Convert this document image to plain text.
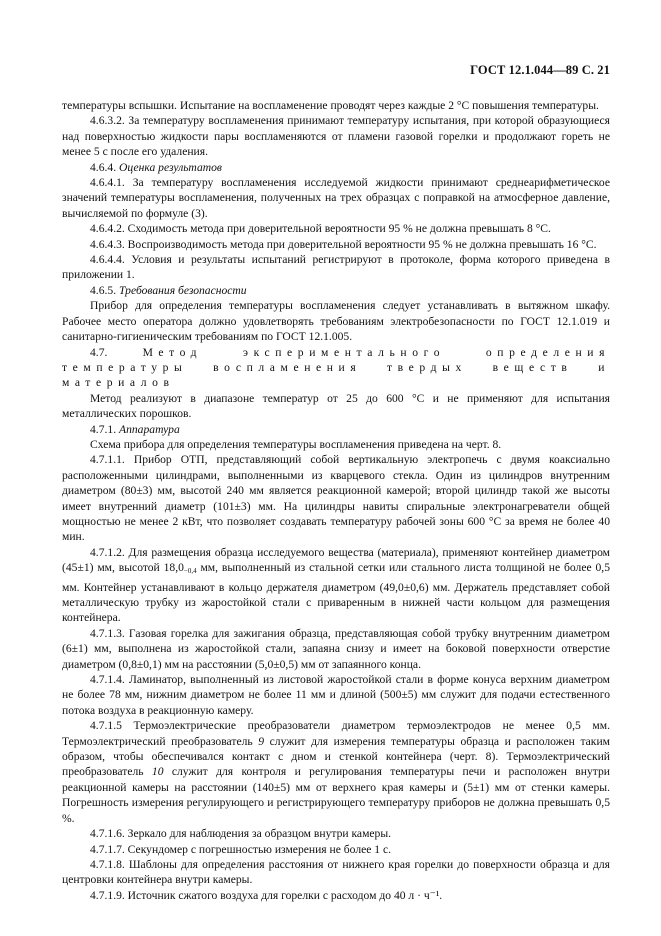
ГОСТ 12.1.044—89 С. 21

температуры вспышки. Испытание на воспламенение проводят через каждые 2 °С повышения температуры.

4.6.3.2. За температуру воспламенения принимают температуру испытания, при которой образующиеся над поверхностью жидкости пары воспламеняются от пламени газовой горелки и продолжают гореть не менее 5 с после его удаления.

4.6.4. Оценка результатов

4.6.4.1. За температуру воспламенения исследуемой жидкости принимают среднеарифметическое значений температуры воспламенения, полученных на трех образцах с поправкой на атмосферное давление, вычисляемой по формуле (3).

4.6.4.2. Сходимость метода при доверительной вероятности 95 % не должна превышать 8 °С.

4.6.4.3. Воспроизводимость метода при доверительной вероятности 95 % не должна превышать 16 °С.

4.6.4.4. Условия и результаты испытаний регистрируют в протоколе, форма которого приведена в приложении 1.

4.6.5. Требования безопасности

Прибор для определения температуры воспламенения следует устанавливать в вытяжном шкафу. Рабочее место оператора должно удовлетворять требованиям электробезопасности по ГОСТ 12.1.019 и санитарно-гигиеническим требованиям по ГОСТ 12.1.005.

4.7.	Метод экспериментального определения температуры воспламенения твердых веществ и материалов

Метод реализуют в диапазоне температур от 25 до 600 °С и не применяют для испытания металлических порошков.

4.7.1. Аппаратура

Схема прибора для определения температуры воспламенения приведена на черт. 8.

4.7.1.1. Прибор ОТП, представляющий собой вертикальную электропечь с двумя коаксиально расположенными цилиндрами, выполненными из кварцевого стекла. Один из цилиндров внутренним диаметром (80±3) мм, высотой 240 мм является реакционной камерой; второй цилиндр такой же высоты имеет внутренний диаметр (101±3) мм. На цилиндры навиты спиральные электронагреватели общей мощностью не менее 2 кВт, что позволяет создавать температуру рабочей зоны 600 °С за время не более 40 мин.

4.7.1.2. Для размещения образца исследуемого вещества (материала), применяют контейнер диаметром (45±1) мм, высотой $18,0_{-0,4}$ мм, выполненный из стальной сетки или стального листа толщиной не более 0,5 мм. Контейнер устанавливают в кольцо держателя диаметром (49,0±0,6) мм. Держатель представляет собой металлическую трубку из жаростойкой стали с приваренным в нижней части кольцом для размещения контейнера.

4.7.1.3. Газовая горелка для зажигания образца, представляющая собой трубку внутренним диаметром (6±1) мм, выполнена из жаростойкой стали, запаяна снизу и имеет на боковой поверхности отверстие диаметром (0,8±0,1) мм на расстоянии (5,0±0,5) мм от запаянного конца.

4.7.1.4. Ламинатор, выполненный из листовой жаростойкой стали в форме конуса верхним диаметром не более 78 мм, нижним диаметром не более 11 мм и длиной (500±5) мм служит для подачи естественного потока воздуха в реакционную камеру.

4.7.1.5 Термоэлектрические преобразователи диаметром термоэлектродов не менее 0,5 мм. Термоэлектрический преобразователь 9 служит для измерения температуры образца и расположен таким образом, чтобы обеспечивался контакт с дном и стенкой контейнера (черт. 8). Термоэлектрический преобразователь 10 служит для контроля и регулирования температуры печи и расположен внутри реакционной камеры на расстоянии (140±5) мм от верхнего края камеры и (5±1) мм от стенки камеры. Погрешность измерения регулирующего и регистрирующего температуру приборов не должна превышать 0,5 %.

4.7.1.6. Зеркало для наблюдения за образцом внутри камеры.

4.7.1.7. Секундомер с погрешностью измерения не более 1 с.

4.7.1.8. Шаблоны для определения расстояния от нижнего края горелки до поверхности образца и для центровки контейнера внутри камеры.

4.7.1.9. Источник сжатого воздуха для горелки с расходом до 40 л · ч⁻¹.
